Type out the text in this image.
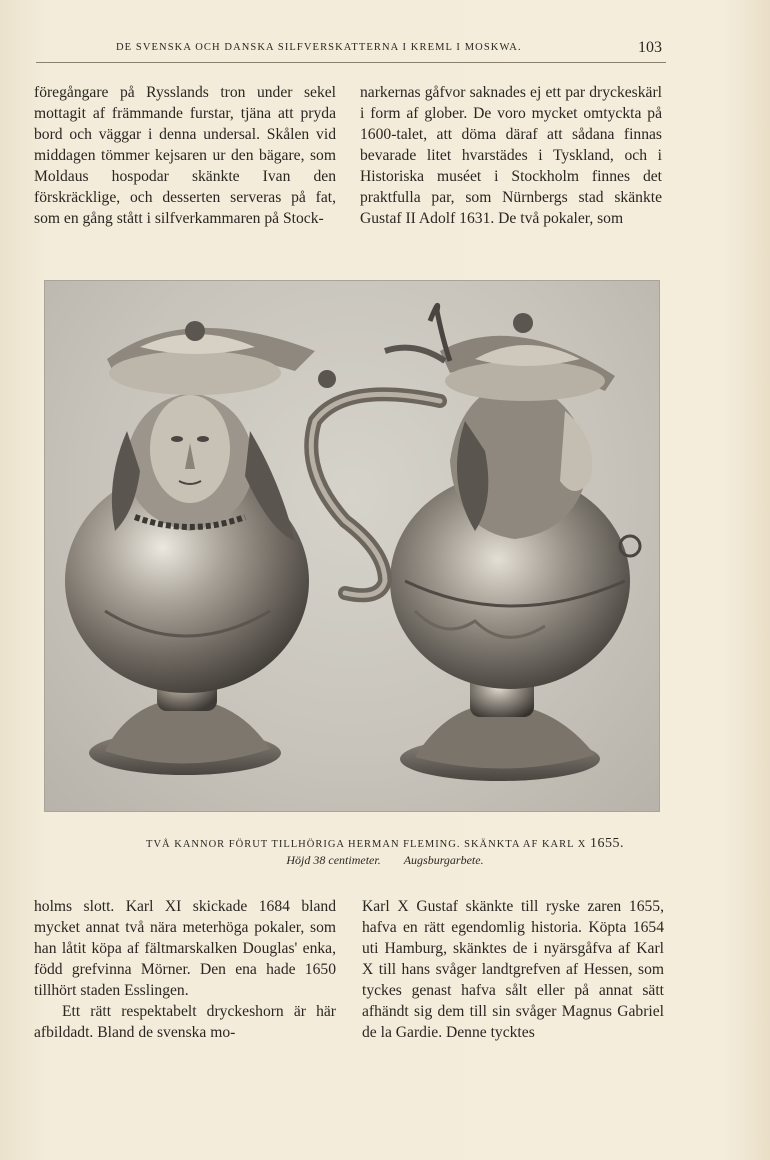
DE SVENSKA OCH DANSKA SILFVERSKATTERNA I KREML I MOSKWA.	103

föregångare på Rysslands tron under sekel mottagit af främmande furstar, tjäna att pryda bord och väggar i denna undersal. Skålen vid middagen tömmer kejsaren ur den bägare, som Moldaus hospodar skänkte Ivan den förskräcklige, och desserten serveras på fat, som en gång stått i silfverkammaren på Stock-

narkernas gåfvor saknades ej ett par dryckeskärl i form af glober. De voro mycket omtyckta på 1600-talet, att döma däraf att sådana finnas bevarade litet hvarstädes i Tyskland, och i Historiska muséet i Stockholm finnes det praktfulla par, som Nürnbergs stad skänkte Gustaf II Adolf 1631. De två pokaler, som

TVÅ KANNOR FÖRUT TILLHÖRIGA HERMAN FLEMING. SKÄNKTA AF KARL X 1655.
Höjd 38 centimeter. Augsburgarbete.

holms slott. Karl XI skickade 1684 bland mycket annat två nära meterhöga pokaler, som han låtit köpa af fältmarskalken Douglas' enka, född grefvinna Mörner. Den ena hade 1650 tillhört staden Esslingen.

Ett rätt respektabelt dryckeshorn är här afbildadt. Bland de svenska mo-

Karl X Gustaf skänkte till ryske zaren 1655, hafva en rätt egendomlig historia. Köpta 1654 uti Hamburg, skänktes de i nyärsgåfva af Karl X till hans svåger landtgrefven af Hessen, som tyckes genast hafva sålt eller på annat sätt afhändt sig dem till sin svåger Magnus Gabriel de la Gardie. Denne tycktes
